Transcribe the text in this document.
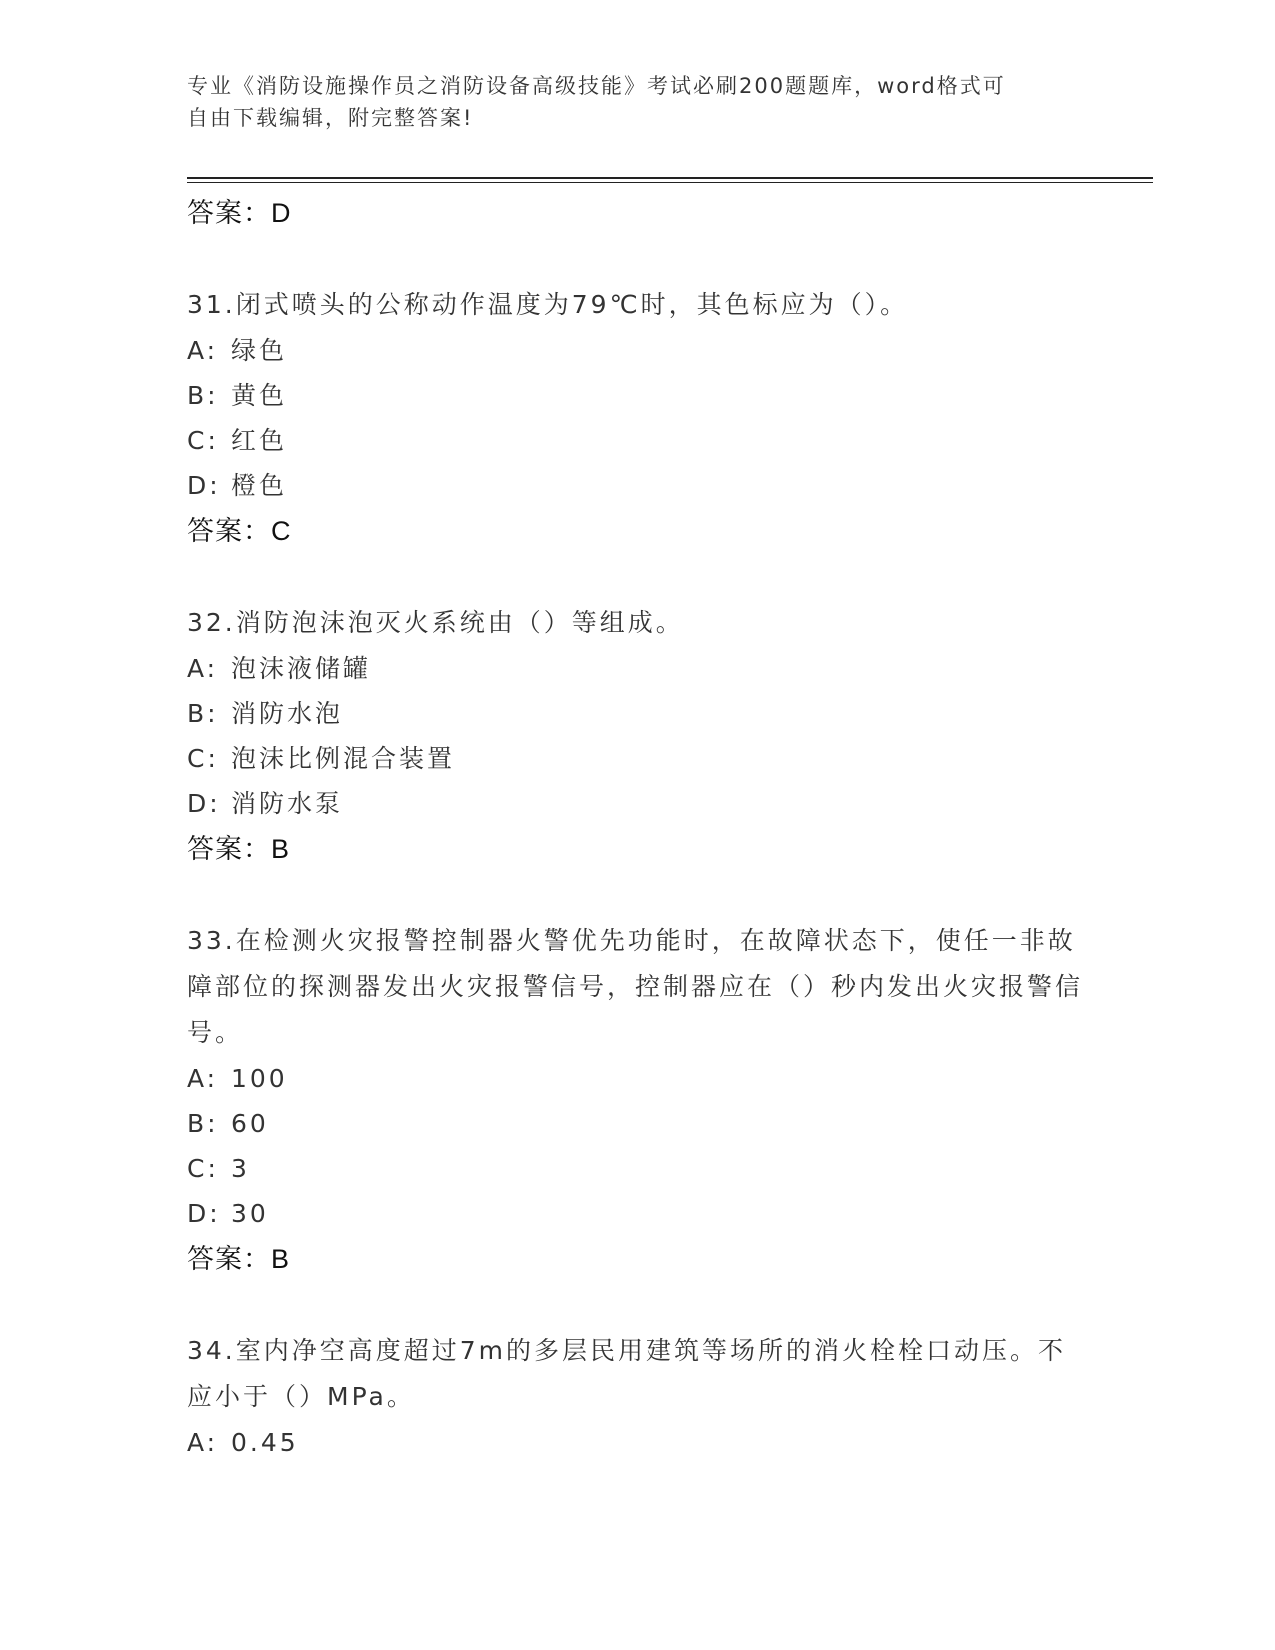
专业《消防设施操作员之消防设备高级技能》考试必刷200题题库，word格式可
自由下载编辑，附完整答案!
答案：D
31.闭式喷头的公称动作温度为79℃时，其色标应为（）。
A: 绿色
B: 黄色
C: 红色
D: 橙色
答案：C
32.消防泡沫泡灭火系统由（）等组成。
A: 泡沫液储罐
B: 消防水泡
C: 泡沫比例混合装置
D: 消防水泵
答案：B
33.在检测火灾报警控制器火警优先功能时，在故障状态下，使任一非故障部位的探测器发出火灾报警信号，控制器应在（）秒内发出火灾报警信号。
A: 100
B: 60
C: 3
D: 30
答案：B
34.室内净空高度超过7m的多层民用建筑等场所的消火栓栓口动压。不应小于（）MPa。
A: 0.45
